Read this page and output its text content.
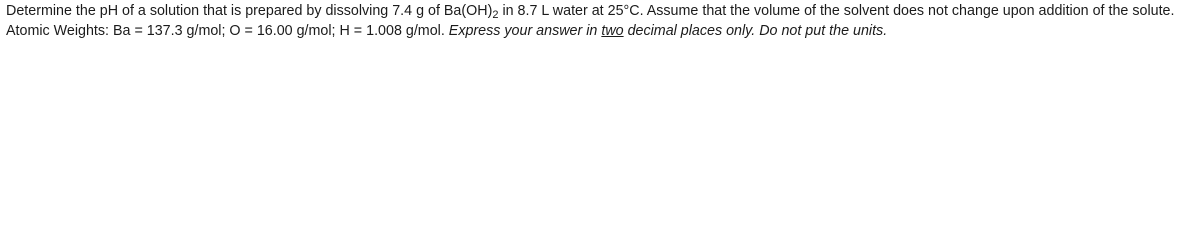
Determine the pH of a solution that is prepared by dissolving 7.4 g of $Ba(OH)_2$ in 8.7 L water at 25°C. Assume that the volume of the solvent does not change upon addition of the solute. Atomic Weights: Ba = 137.3 g/mol; O = 16.00 g/mol; H = 1.008 g/mol. Express your answer in two decimal places only. Do not put the units.
